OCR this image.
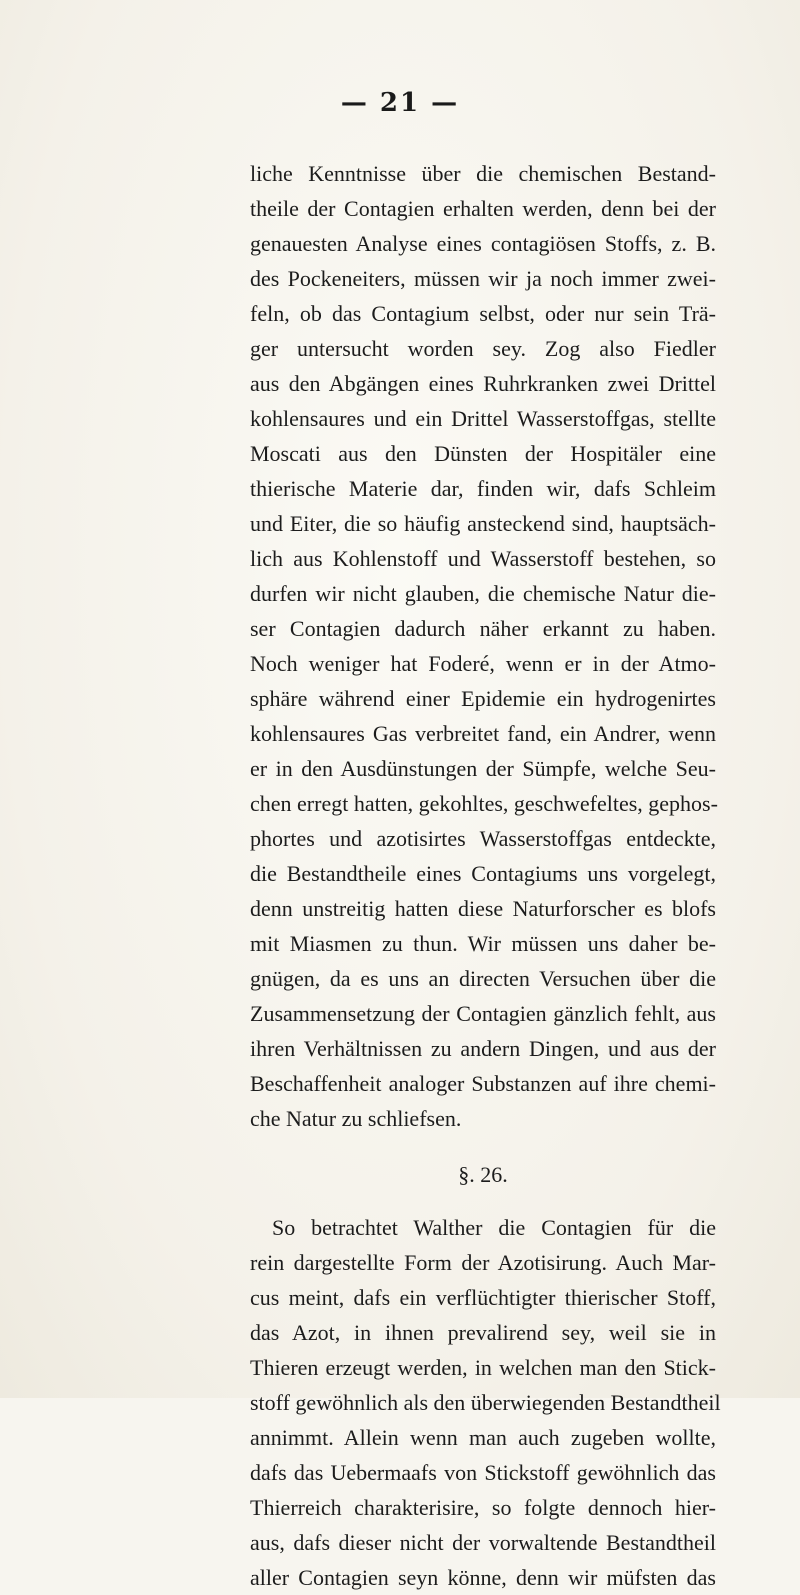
— 21 —
liche Kenntnisse über die chemischen Bestand-
theile der Contagien erhalten werden, denn bei der
genauesten Analyse eines contagiösen Stoffs, z. B.
des Pockeneiters, müssen wir ja noch immer zwei-
feln, ob das Contagium selbst, oder nur sein Trä-
ger untersucht worden sey. Zog also Fiedler
aus den Abgängen eines Ruhrkranken zwei Drittel
kohlensaures und ein Drittel Wasserstoffgas, stellte
Moscati aus den Dünsten der Hospitäler eine
thierische Materie dar, finden wir, dafs Schleim
und Eiter, die so häufig ansteckend sind, hauptsäch-
lich aus Kohlenstoff und Wasserstoff bestehen, so
durfen wir nicht glauben, die chemische Natur die-
ser Contagien dadurch näher erkannt zu haben.
Noch weniger hat Foderé, wenn er in der Atmo-
sphäre während einer Epidemie ein hydrogenirtes
kohlensaures Gas verbreitet fand, ein Andrer, wenn
er in den Ausdünstungen der Sümpfe, welche Seu-
chen erregt hatten, gekohltes, geschwefeltes, gephos-
phortes und azotisirtes Wasserstoffgas entdeckte,
die Bestandtheile eines Contagiums uns vorgelegt,
denn unstreitig hatten diese Naturforscher es blofs
mit Miasmen zu thun. Wir müssen uns daher be-
gnügen, da es uns an directen Versuchen über die
Zusammensetzung der Contagien gänzlich fehlt, aus
ihren Verhältnissen zu andern Dingen, und aus der
Beschaffenheit analoger Substanzen auf ihre chemi-
che Natur zu schliefsen.
§. 26.
So betrachtet Walther die Contagien für die
rein dargestellte Form der Azotisirung. Auch Mar-
cus meint, dafs ein verflüchtigter thierischer Stoff,
das Azot, in ihnen prevalirend sey, weil sie in
Thieren erzeugt werden, in welchen man den Stick-
stoff gewöhnlich als den überwiegenden Bestandtheil
annimmt. Allein wenn man auch zugeben wollte,
dafs das Uebermaafs von Stickstoff gewöhnlich das
Thierreich charakterisire, so folgte dennoch hier-
aus, dafs dieser nicht der vorwaltende Bestandtheil
aller Contagien seyn könne, denn wir müfsten das
